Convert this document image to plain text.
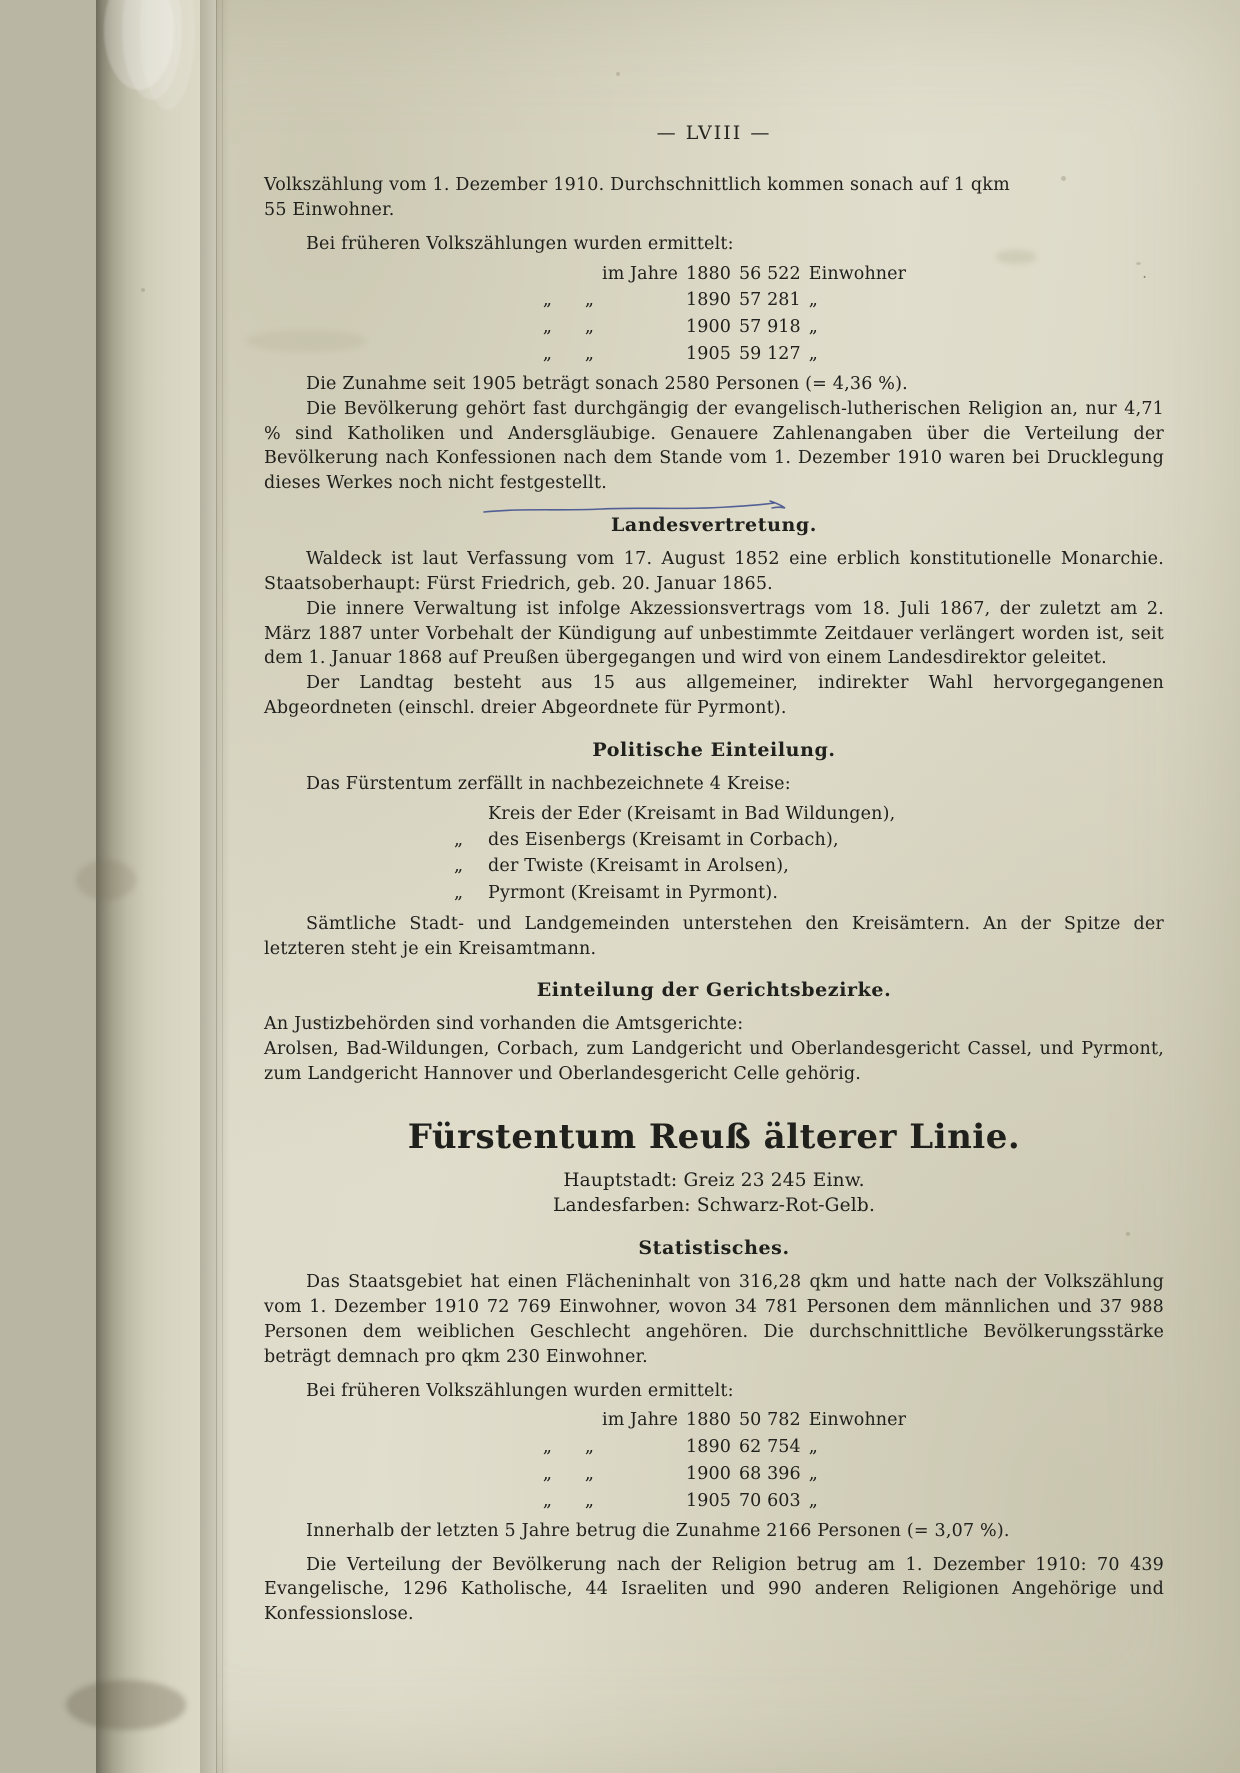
— LVIII —

Volkszählung vom 1. Dezember 1910. Durchschnittlich kommen sonach auf 1 qkm

55 Einwohner.

Bei früheren Volkszählungen wurden ermittelt:

		im Jahre	1880	56 522	Einwohner
„	„		1890	57 281	„
„	„		1900	57 918	„
„	„		1905	59 127	„

Die Zunahme seit 1905 beträgt sonach 2580 Personen (= 4,36 %).

Die Bevölkerung gehört fast durchgängig der evangelisch-lutherischen Religion an, nur 4,71 % sind Katholiken und Andersgläubige. Genauere Zahlenangaben über die Verteilung der Bevölkerung nach Konfessionen nach dem Stande vom 1. Dezember 1910 waren bei Drucklegung dieses Werkes noch nicht festgestellt.

Landesvertretung.

Waldeck ist laut Verfassung vom 17. August 1852 eine erblich konstitutionelle Monarchie. Staatsoberhaupt: Fürst Friedrich, geb. 20. Januar 1865.

Die innere Verwaltung ist infolge Akzessionsvertrags vom 18. Juli 1867, der zuletzt am 2. März 1887 unter Vorbehalt der Kündigung auf unbestimmte Zeitdauer verlängert worden ist, seit dem 1. Januar 1868 auf Preußen übergegangen und wird von einem Landesdirektor geleitet.

Der Landtag besteht aus 15 aus allgemeiner, indirekter Wahl hervorgegangenen Abgeordneten (einschl. dreier Abgeordnete für Pyrmont).

Politische Einteilung.

Das Fürstentum zerfällt in nachbezeichnete 4 Kreise:

Kreis der Eder (Kreisamt in Bad Wildungen),
„ des Eisenbergs (Kreisamt in Corbach),
„ der Twiste (Kreisamt in Arolsen),
„ Pyrmont (Kreisamt in Pyrmont).

Sämtliche Stadt- und Landgemeinden unterstehen den Kreisämtern. An der Spitze der letzteren steht je ein Kreisamtmann.

Einteilung der Gerichtsbezirke.

An Justizbehörden sind vorhanden die Amtsgerichte:

Arolsen, Bad-Wildungen, Corbach, zum Landgericht und Oberlandesgericht Cassel, und Pyrmont, zum Landgericht Hannover und Oberlandesgericht Celle gehörig.

Fürstentum Reuß älterer Linie.
Hauptstadt: Greiz 23 245 Einw.
Landesfarben: Schwarz-Rot-Gelb.
Statistisches.

Das Staatsgebiet hat einen Flächeninhalt von 316,28 qkm und hatte nach der Volkszählung vom 1. Dezember 1910 72 769 Einwohner, wovon 34 781 Personen dem männlichen und 37 988 Personen dem weiblichen Geschlecht angehören. Die durchschnittliche Bevölkerungsstärke beträgt demnach pro qkm 230 Einwohner.

Bei früheren Volkszählungen wurden ermittelt:

		im Jahre	1880	50 782	Einwohner
„	„		1890	62 754	„
„	„		1900	68 396	„
„	„		1905	70 603	„

Innerhalb der letzten 5 Jahre betrug die Zunahme 2166 Personen (= 3,07 %).

Die Verteilung der Bevölkerung nach der Religion betrug am 1. Dezember 1910: 70 439 Evangelische, 1296 Katholische, 44 Israeliten und 990 anderen Religionen Angehörige und Konfessionslose.

⋅
